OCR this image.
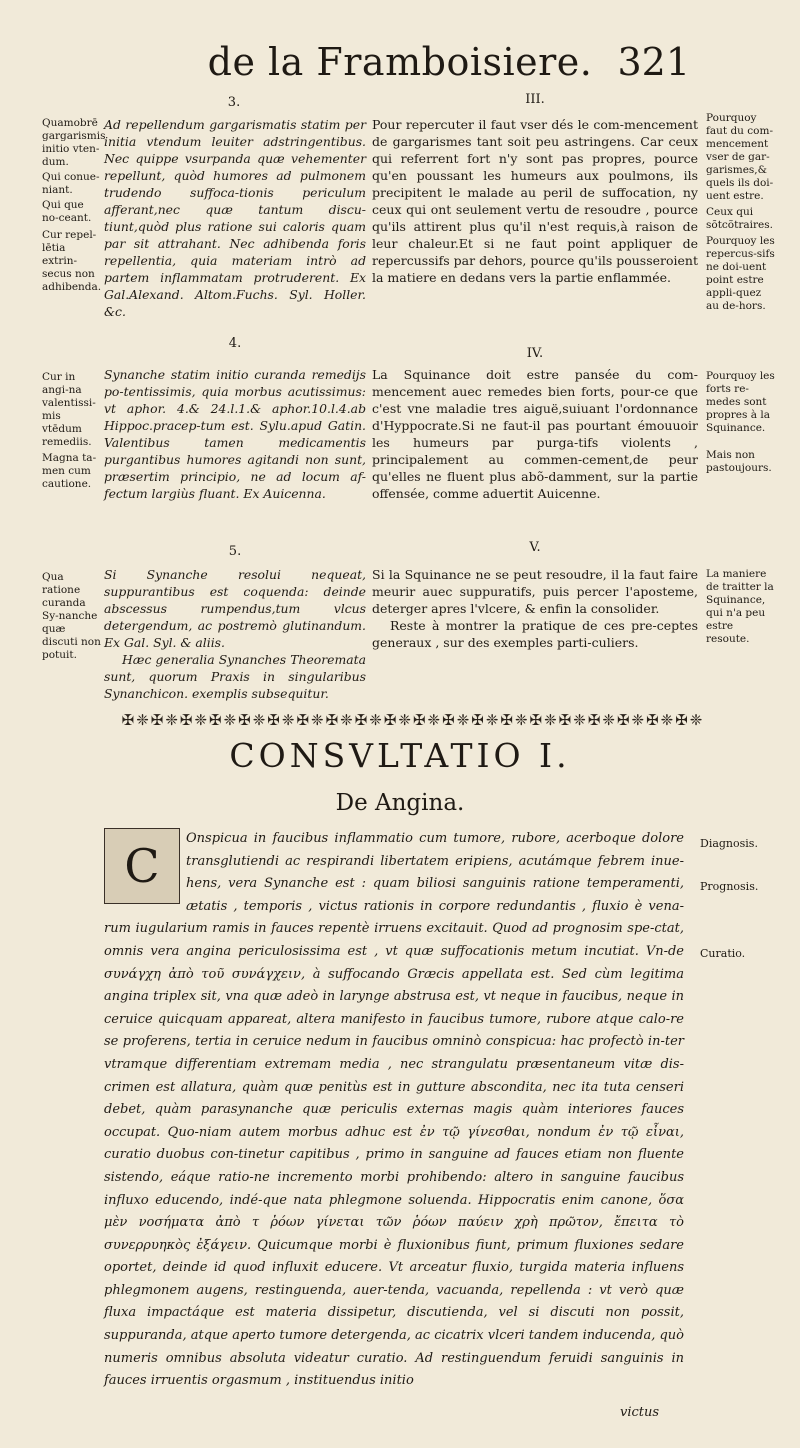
de la Framboisiere. 321
3.	III.
Quamobrē gargarismis initio vten-dum.
Qui conue-niant.
Qui que no-ceant.
Cur repel-lētia extrin-secus non adhibenda.
Ad repellendum gargarismatis statim per initia vtendum leuiter adstringentibus. Nec quippe vsurpanda quæ vehementer repellunt, quòd humores ad pulmonem trudendo suffoca-tionis periculum afferant,nec quæ tantum discu-tiunt,quòd plus ratione sui caloris quam par sit attrahant. Nec adhibenda foris repellentia, quia materiam intrò ad partem inflammatam protruderent. Ex Gal.Alexand. Altom.Fuchs. Syl. Holler. &c.
Pour repercuter il faut vser dés le com-mencement de gargarismes tant soit peu astringens. Car ceux qui referrent fort n'y sont pas propres, pource qu'en poussant les humeurs aux poulmons, ils precipitent le malade au peril de suffocation, ny ceux qui ont seulement vertu de resoudre , pource qu'ils attirent plus qu'il n'est requis,à raison de leur chaleur.Et si ne faut point appliquer de repercussifs par dehors, pource qu'ils pousseroient la matiere en dedans vers la partie enflammée.
Pourquoy faut du com-mencement vser de gar-garismes,& quels ils doi-uent estre.
Ceux qui sõtcõtraires.
Pourquoy les repercus-sifs ne doi-uent point estre appli-quez au de-hors.
4.
IV.
Cur in angi-na valentissi-mis vtēdum remediis.
Magna ta-men cum cautione.
Synanche statim initio curanda remedijs po-tentissimis, quia morbus acutissimus: vt aphor. 4.& 24.l.1.& aphor.10.l.4.ab Hippoc.pracep-tum est. Sylu.apud Gatin. Valentibus tamen medicamentis purgantibus humores agitandi non sunt, præsertim principio, ne ad locum af-fectum largiùs fluant. Ex Auicenna.
La Squinance doit estre pansée du com-mencement auec remedes bien forts, pour-ce que c'est vne maladie tres aiguë,suiuant l'ordonnance d'Hyppocrate.Si ne faut-il pas pourtant émouuoir les humeurs par purga-tifs violents , principalement au commen-cement,de peur qu'elles ne fluent plus abõ-damment, sur la partie offensée, comme aduertit Auicenne.
Pourquoy les forts re-medes sont propres à la Squinance.
Mais non pastoujours.
5.	V.
Qua ratione curanda Sy-nanche quæ discuti non potuit.

Si Synanche resolui nequeat, suppurantibus est coquenda: deinde abscessus rumpendus,tum vlcus detergendum, ac postremò glutinandum. Ex Gal. Syl. & aliis.

Hæc generalia Synanches Theoremata sunt, quorum Praxis in singularibus Synanchicon. exemplis subsequitur.

Si la Squinance ne se peut resoudre, il la faut faire meurir auec suppuratifs, puis percer l'apostemе, deterger apres l'vlcere, & enfin la consolider.

Reste à montrer la pratique de ces pre-ceptes generaux , sur des exemples parti-culiers.

La maniere de traitter la Squinance, qui n'a peu estre resoute.
✠❈✠❈✠❈✠❈✠❈✠❈✠❈✠❈✠❈✠❈✠❈✠❈✠❈✠❈✠❈✠❈✠❈✠❈✠❈✠❈
CONSVLTATIO I.
De Angina.
C

Onspicua in faucibus inflammatio cum tumore, rubore, acerboque dolore transglutiendi ac respirandi libertatem eripiens, acutámque febrem inue-hens, vera Synanche est : quam biliosi sanguinis ratione temperamenti, ætatis , temporis , victus rationis in corpore redundantis , fluxio è vena-rum iugularium ramis in fauces repentè irruens excitauit. Quod ad prognosim spe-ctat, omnis vera angina periculosissima est , vt quæ suffocationis metum incutiat. Vn-de συνάγχη ἀπὸ τοῦ συνάγχειν, à suffocando Græcis appellata est. Sed cùm legitima angina triplex sit, vna quæ adeò in larynge abstrusa est, vt neque in faucibus, neque in ceruice quicquam appareat, altera manifesto in faucibus tumore, rubore atque calo-re se proferens, tertia in ceruice nedum in faucibus omninò conspicua: hac profectò in-ter vtramque differentiam extremam media , nec strangulatu præsentaneum vitæ dis-crimen est allatura, quàm quæ penitùs est in gutture abscondita, nec ita tuta censeri debet, quàm parasynanche quæ periculis externas magis quàm interiores fauces occupat. Quo-niam autem morbus adhuc est ἐν τῷ γίνεσθαι, nondum ἐν τῷ εἶναι, curatio duobus con-tinetur capitibus , primo in sanguine ad fauces etiam non fluente sistendo, eáque ratio-ne incremento morbi prohibendo: altero in sanguine faucibus influxo educendo, indé-que nata phlegmone soluenda. Hippocratis enim canone, ὅσα μὲν νοσήματα ἀπὸ τ ῥόων γίνεται τῶν ῥόων παύειν χρὴ πρῶτον, ἔπειτα τὸ συνερρυηκὸς ἐξάγειν. Quicumque morbi è fluxionibus fiunt, primum fluxiones sedare oportet, deinde id quod influxit educere. Vt arceatur fluxio, turgida materia influens phlegmonem augens, restinguenda, auer-tenda, vacuanda, repellenda : vt verò quæ fluxa impactáque est materia dissipetur, discutienda, vel si discuti non possit, suppuranda, atque aperto tumore detergenda, ac cicatrix vlceri tandem inducenda, quò numeris omnibus absoluta videatur curatio. Ad restinguendum feruidi sanguinis in fauces irruentis orgasmum , instituendus initio

victus
Diagnosis.
Prognosis.
Curatio.
